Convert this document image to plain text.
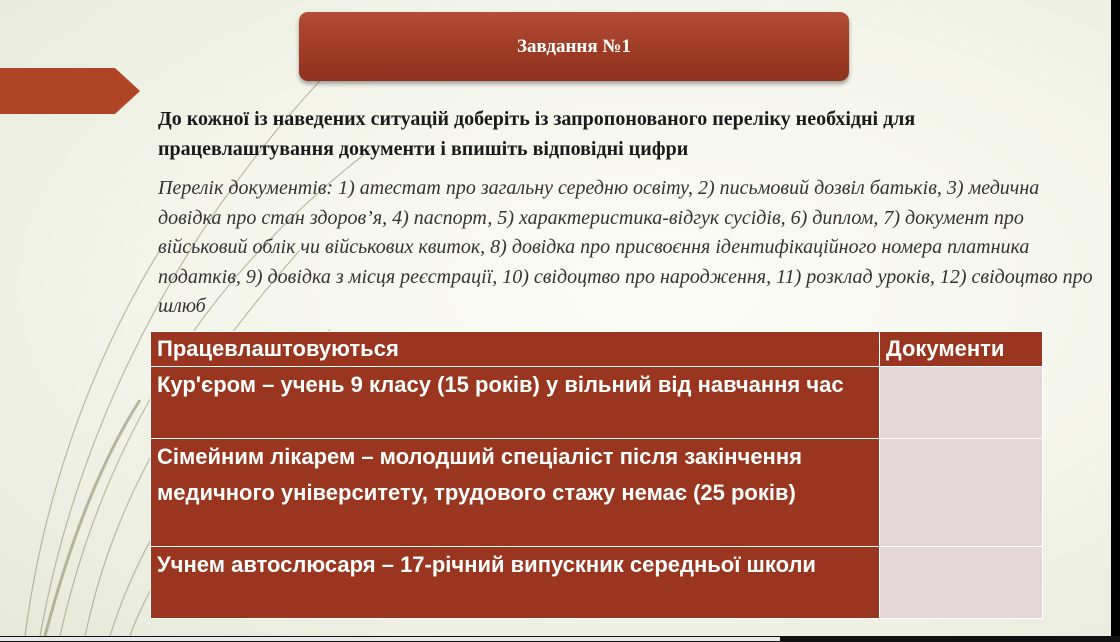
Завдання №1
До кожної із наведених ситуацій доберіть із запропонованого переліку необхідні для працевлаштування документи і впишіть відповідні цифри
Перелік документів: 1) атестат про загальну середню освіту, 2) письмовий дозвіл батьків, 3) медична довідка про стан здоров’я, 4) паспорт, 5) характеристика-відгук сусідів, 6) диплом, 7) документ про військовий облік чи військових квиток, 8) довідка про присвоєння ідентифікаційного номера платника податків, 9) довідка з місця реєстрації, 10) свідоцтво про народження, 11) розклад уроків, 12) свідоцтво про шлюб
Працевлаштовуються	Документи
Кур'єром – учень 9 класу (15 років) у вільний від навчання час	
Сімейним лікарем – молодший спеціаліст після закінчення медичного університету, трудового стажу немає (25 років)	
Учнем автослюсаря – 17-річний випускник середньої школи	
